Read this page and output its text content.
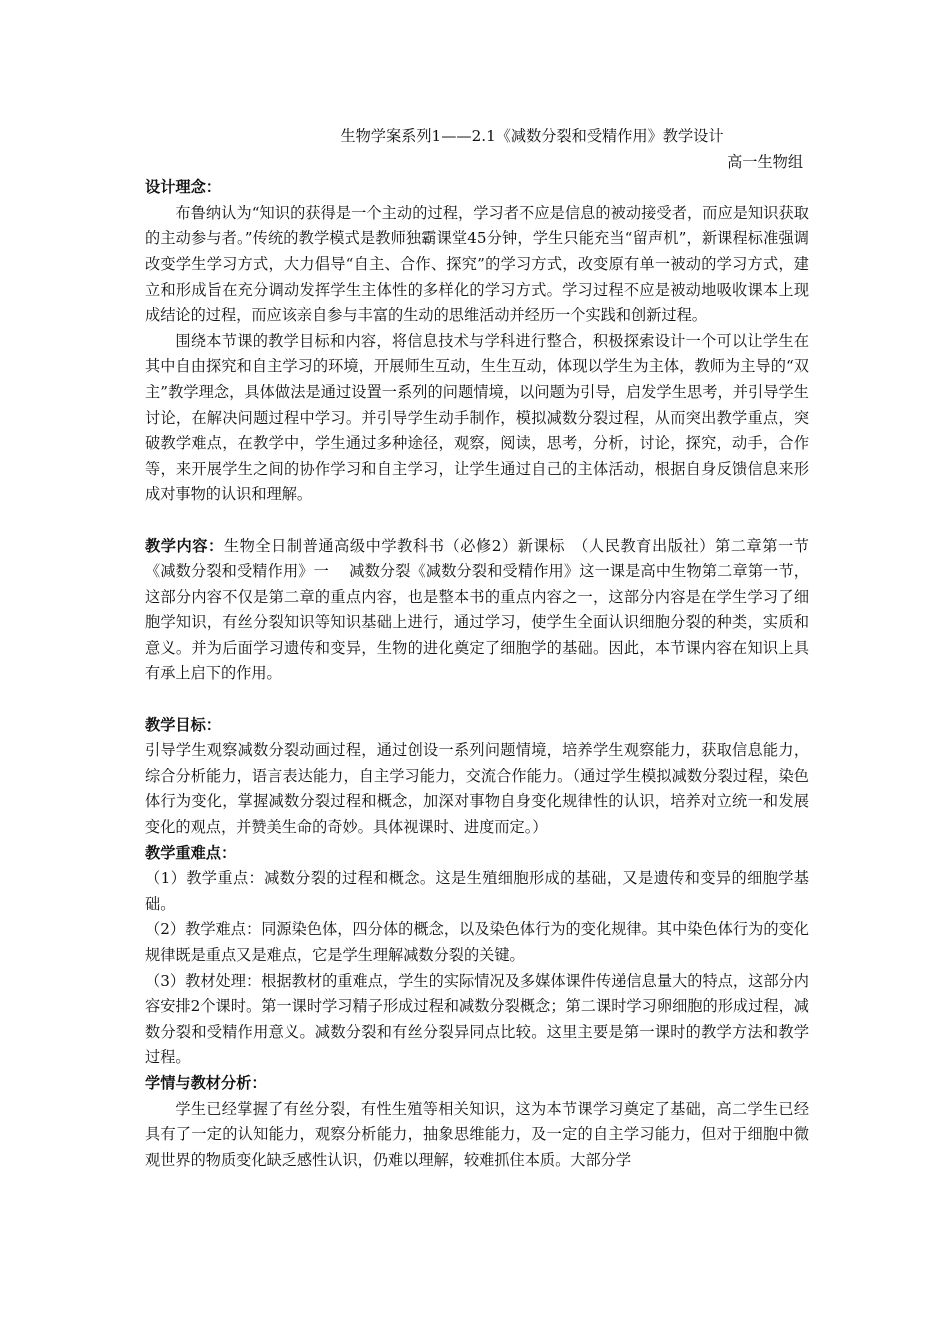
生物学案系列1——2.1《减数分裂和受精作用》教学设计

高一生物组

设计理念：

布鲁纳认为“知识的获得是一个主动的过程，学习者不应是信息的被动接受者，而应是知识获取的主动参与者。”传统的教学模式是教师独霸课堂45分钟，学生只能充当“留声机”，新课程标准强调改变学生学习方式，大力倡导“自主、合作、探究”的学习方式，改变原有单一被动的学习方式，建立和形成旨在充分调动发挥学生主体性的多样化的学习方式。学习过程不应是被动地吸收课本上现成结论的过程，而应该亲自参与丰富的生动的思维活动并经历一个实践和创新过程。

围绕本节课的教学目标和内容，将信息技术与学科进行整合，积极探索设计一个可以让学生在其中自由探究和自主学习的环境，开展师生互动，生生互动，体现以学生为主体，教师为主导的“双主”教学理念，具体做法是通过设置一系列的问题情境，以问题为引导，启发学生思考，并引导学生讨论，在解决问题过程中学习。并引导学生动手制作，模拟减数分裂过程，从而突出教学重点，突破教学难点，在教学中，学生通过多种途径，观察，阅读，思考，分析，讨论，探究，动手，合作等，来开展学生之间的协作学习和自主学习，让学生通过自己的主体活动，根据自身反馈信息来形成对事物的认识和理解。

教学内容：生物全日制普通高级中学教科书（必修2）新课标　（人民教育出版社）第二章第一节《减数分裂和受精作用》一　 减数分裂《减数分裂和受精作用》这一课是高中生物第二章第一节，这部分内容不仅是第二章的重点内容，也是整本书的重点内容之一，这部分内容是在学生学习了细胞学知识，有丝分裂知识等知识基础上进行，通过学习，使学生全面认识细胞分裂的种类，实质和意义。并为后面学习遗传和变异，生物的进化奠定了细胞学的基础。因此，本节课内容在知识上具有承上启下的作用。

教学目标：

引导学生观察减数分裂动画过程，通过创设一系列问题情境，培养学生观察能力，获取信息能力，综合分析能力，语言表达能力，自主学习能力，交流合作能力。（通过学生模拟减数分裂过程，染色体行为变化，掌握减数分裂过程和概念，加深对事物自身变化规律性的认识，培养对立统一和发展变化的观点，并赞美生命的奇妙。具体视课时、进度而定。）

教学重难点：

（1）教学重点：减数分裂的过程和概念。这是生殖细胞形成的基础，又是遗传和变异的细胞学基础。

（2）教学难点：同源染色体，四分体的概念，以及染色体行为的变化规律。其中染色体行为的变化规律既是重点又是难点，它是学生理解减数分裂的关键。

（3）教材处理：根据教材的重难点，学生的实际情况及多媒体课件传递信息量大的特点，这部分内容安排2个课时。第一课时学习精子形成过程和减数分裂概念；第二课时学习卵细胞的形成过程，减数分裂和受精作用意义。减数分裂和有丝分裂异同点比较。这里主要是第一课时的教学方法和教学过程。

学情与教材分析：

学生已经掌握了有丝分裂，有性生殖等相关知识，这为本节课学习奠定了基础，高二学生已经具有了一定的认知能力，观察分析能力，抽象思维能力，及一定的自主学习能力，但对于细胞中微观世界的物质变化缺乏感性认识，仍难以理解，较难抓住本质。大部分学
